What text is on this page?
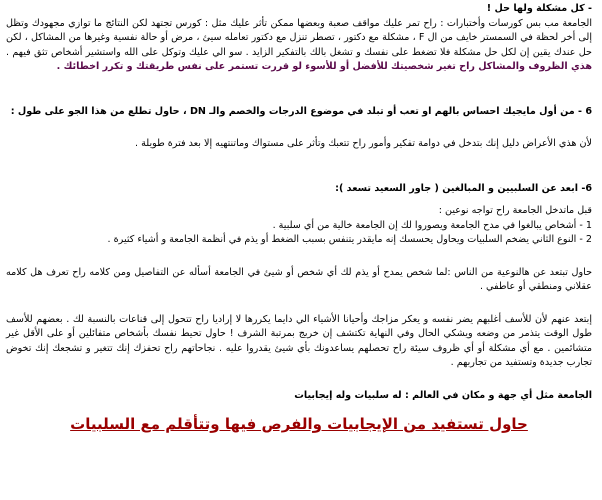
- كل مشكلة ولها حل !

الجامعة مب بس كورسات وأختبارات : راح تمر عليك مواقف صعبة وبعضها ممكن تأثر عليك مثل : كورس تجتهد لكن النتائج ما توازي مجهودك وتظل إلى أخر لحظة في السمستر خايف من ال F ، مشكلة مع دكتور ، تصطر تنزل مع دكتور تعامله سيئ ، مرض أو حالة نفسية وغيرها من المشاكل ، لكن حل عندك يقين إن لكل حل مشكلة فلا تضغط على نفسك و تشغل بالك بالتفكير الزايد . سو الي عليك وتوكل على الله واستشير أشخاص تثق فيهم . هذي الظروف والمشاكل راح تغير شخصيتك للأفضل أو للأسوء لو قررت تستمر على نفس طريقتك و تكرر اخطائك .

6 - من أول مايجيك احساس بالهم او تعب أو تبلد في موضوع الدرجات والخصم والـ DN ، حاول تطلع من هذا الجو على طول :

لأن هذي الأعراض دليل إنك بتدخل في دوامة تفكير وأمور راح تتعبك وتأثر على مستواك وماتنتهيه إلا بعد فترة طويلة .

6- ابعد عن السلبيين و المبالغين ( جاور السعيد تسعد ):

قبل ماتدخل الجامعة راح تواجه نوعين :

1 - أشخاص يبالغوا في مدح الجامعة ويصوروا لك إن الجامعة خالية من أي سلبية .
2 - النوع الثاني يضخم السلبيات ويحاول يحسسك إنه مايقدر يتنفس بسبب الضغط أو يذم في أنظمة الجامعة و أشياء كثيرة .

حاول تبتعد عن هالنوعية من الناس :لما شخص يمدح أو يذم لك أي شخص أو شيئ في الجامعة أسأله عن التفاصيل ومن كلامه راح تعرف هل كلامه عقلاني ومنطقي أو عاطفي .

إبتعد عنهم لأن للأسف أغلبهم يضر نفسه و يعكر مزاجك وأحيانا الأشياء الي دايما يكررها لا إراديا راح تتحول إلى قناعات بالنسبة لك . بعضهم للأسف طول الوقت يتذمر من وضعه ويشكي الحال وفي النهاية تكتشف إن خريج بمرتبة الشرف ! حاول تحيط نفسك بأشخاص متفائلين أو على الأقل غير متشائمين . مع أي مشكلة أو أي ظروف سيئة راح تحصلهم يساعدونك بأي شيئ يقدروا عليه . نجاحاتهم راح تحفزك إنك تتغير و تشجعك إنك تخوض تجارب جديدة وتستفيد من تجاربهم .

الجامعة مثل أي جهة و مكان في العالم : له سلبيات وله إيجابيات

حاول تستفيد من الإيجابيات والفرص فيها وتتأقلم مع السلبيات
